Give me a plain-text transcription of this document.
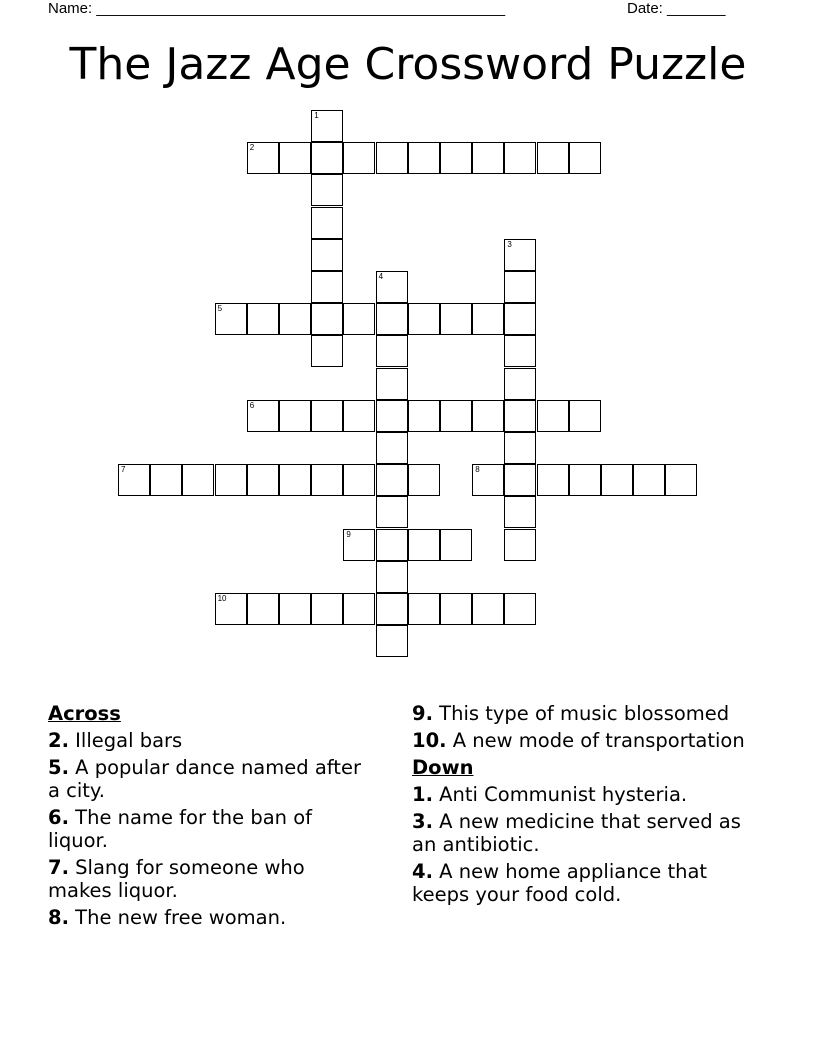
Name: _________________________________________________	Date: _______
The Jazz Age Crossword Puzzle
1
2
3
4
5
6
7	8
9
10
Across
2. Illegal bars
5. A popular dance named after a city.
6. The name for the ban of liquor.
7. Slang for someone who makes liquor.
8. The new free woman.
9. This type of music blossomed
10. A new mode of transportation
Down
1. Anti Communist hysteria.
3. A new medicine that served as an antibiotic.
4. A new home appliance that keeps your food cold.
